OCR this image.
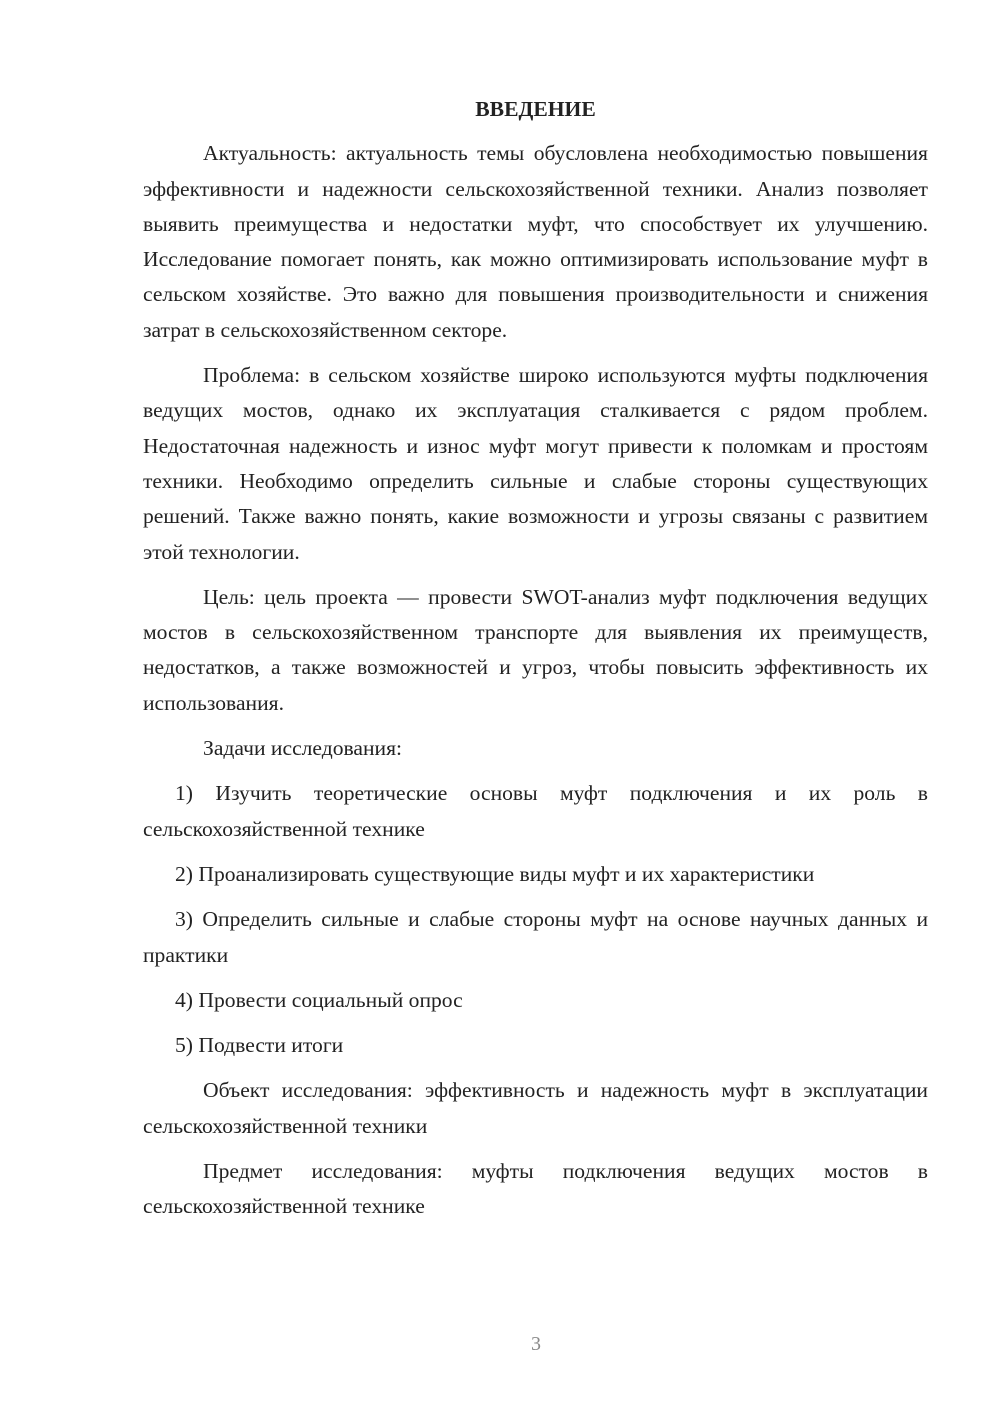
ВВЕДЕНИЕ

Актуальность: актуальность темы обусловлена необходимостью повышения эффективности и надежности сельскохозяйственной техники. Анализ позволяет выявить преимущества и недостатки муфт, что способствует их улучшению. Исследование помогает понять, как можно оптимизировать использование муфт в сельском хозяйстве. Это важно для повышения производительности и снижения затрат в сельскохозяйственном секторе.

Проблема: в сельском хозяйстве широко используются муфты подключения ведущих мостов, однако их эксплуатация сталкивается с рядом проблем. Недостаточная надежность и износ муфт могут привести к поломкам и простоям техники. Необходимо определить сильные и слабые стороны существующих решений. Также важно понять, какие возможности и угрозы связаны с развитием этой технологии.

Цель: цель проекта — провести SWOT-анализ муфт подключения ведущих мостов в сельскохозяйственном транспорте для выявления их преимуществ, недостатков, а также возможностей и угроз, чтобы повысить эффективность их использования.

Задачи исследования:

1) Изучить теоретические основы муфт подключения и их роль в сельскохозяйственной технике

2) Проанализировать существующие виды муфт и их характеристики

3) Определить сильные и слабые стороны муфт на основе научных данных и практики

4) Провести социальный опрос

5) Подвести итоги

Объект исследования: эффективность и надежность муфт в эксплуатации сельскохозяйственной техники

Предмет исследования: муфты подключения ведущих мостов в сельскохозяйственной технике

3
